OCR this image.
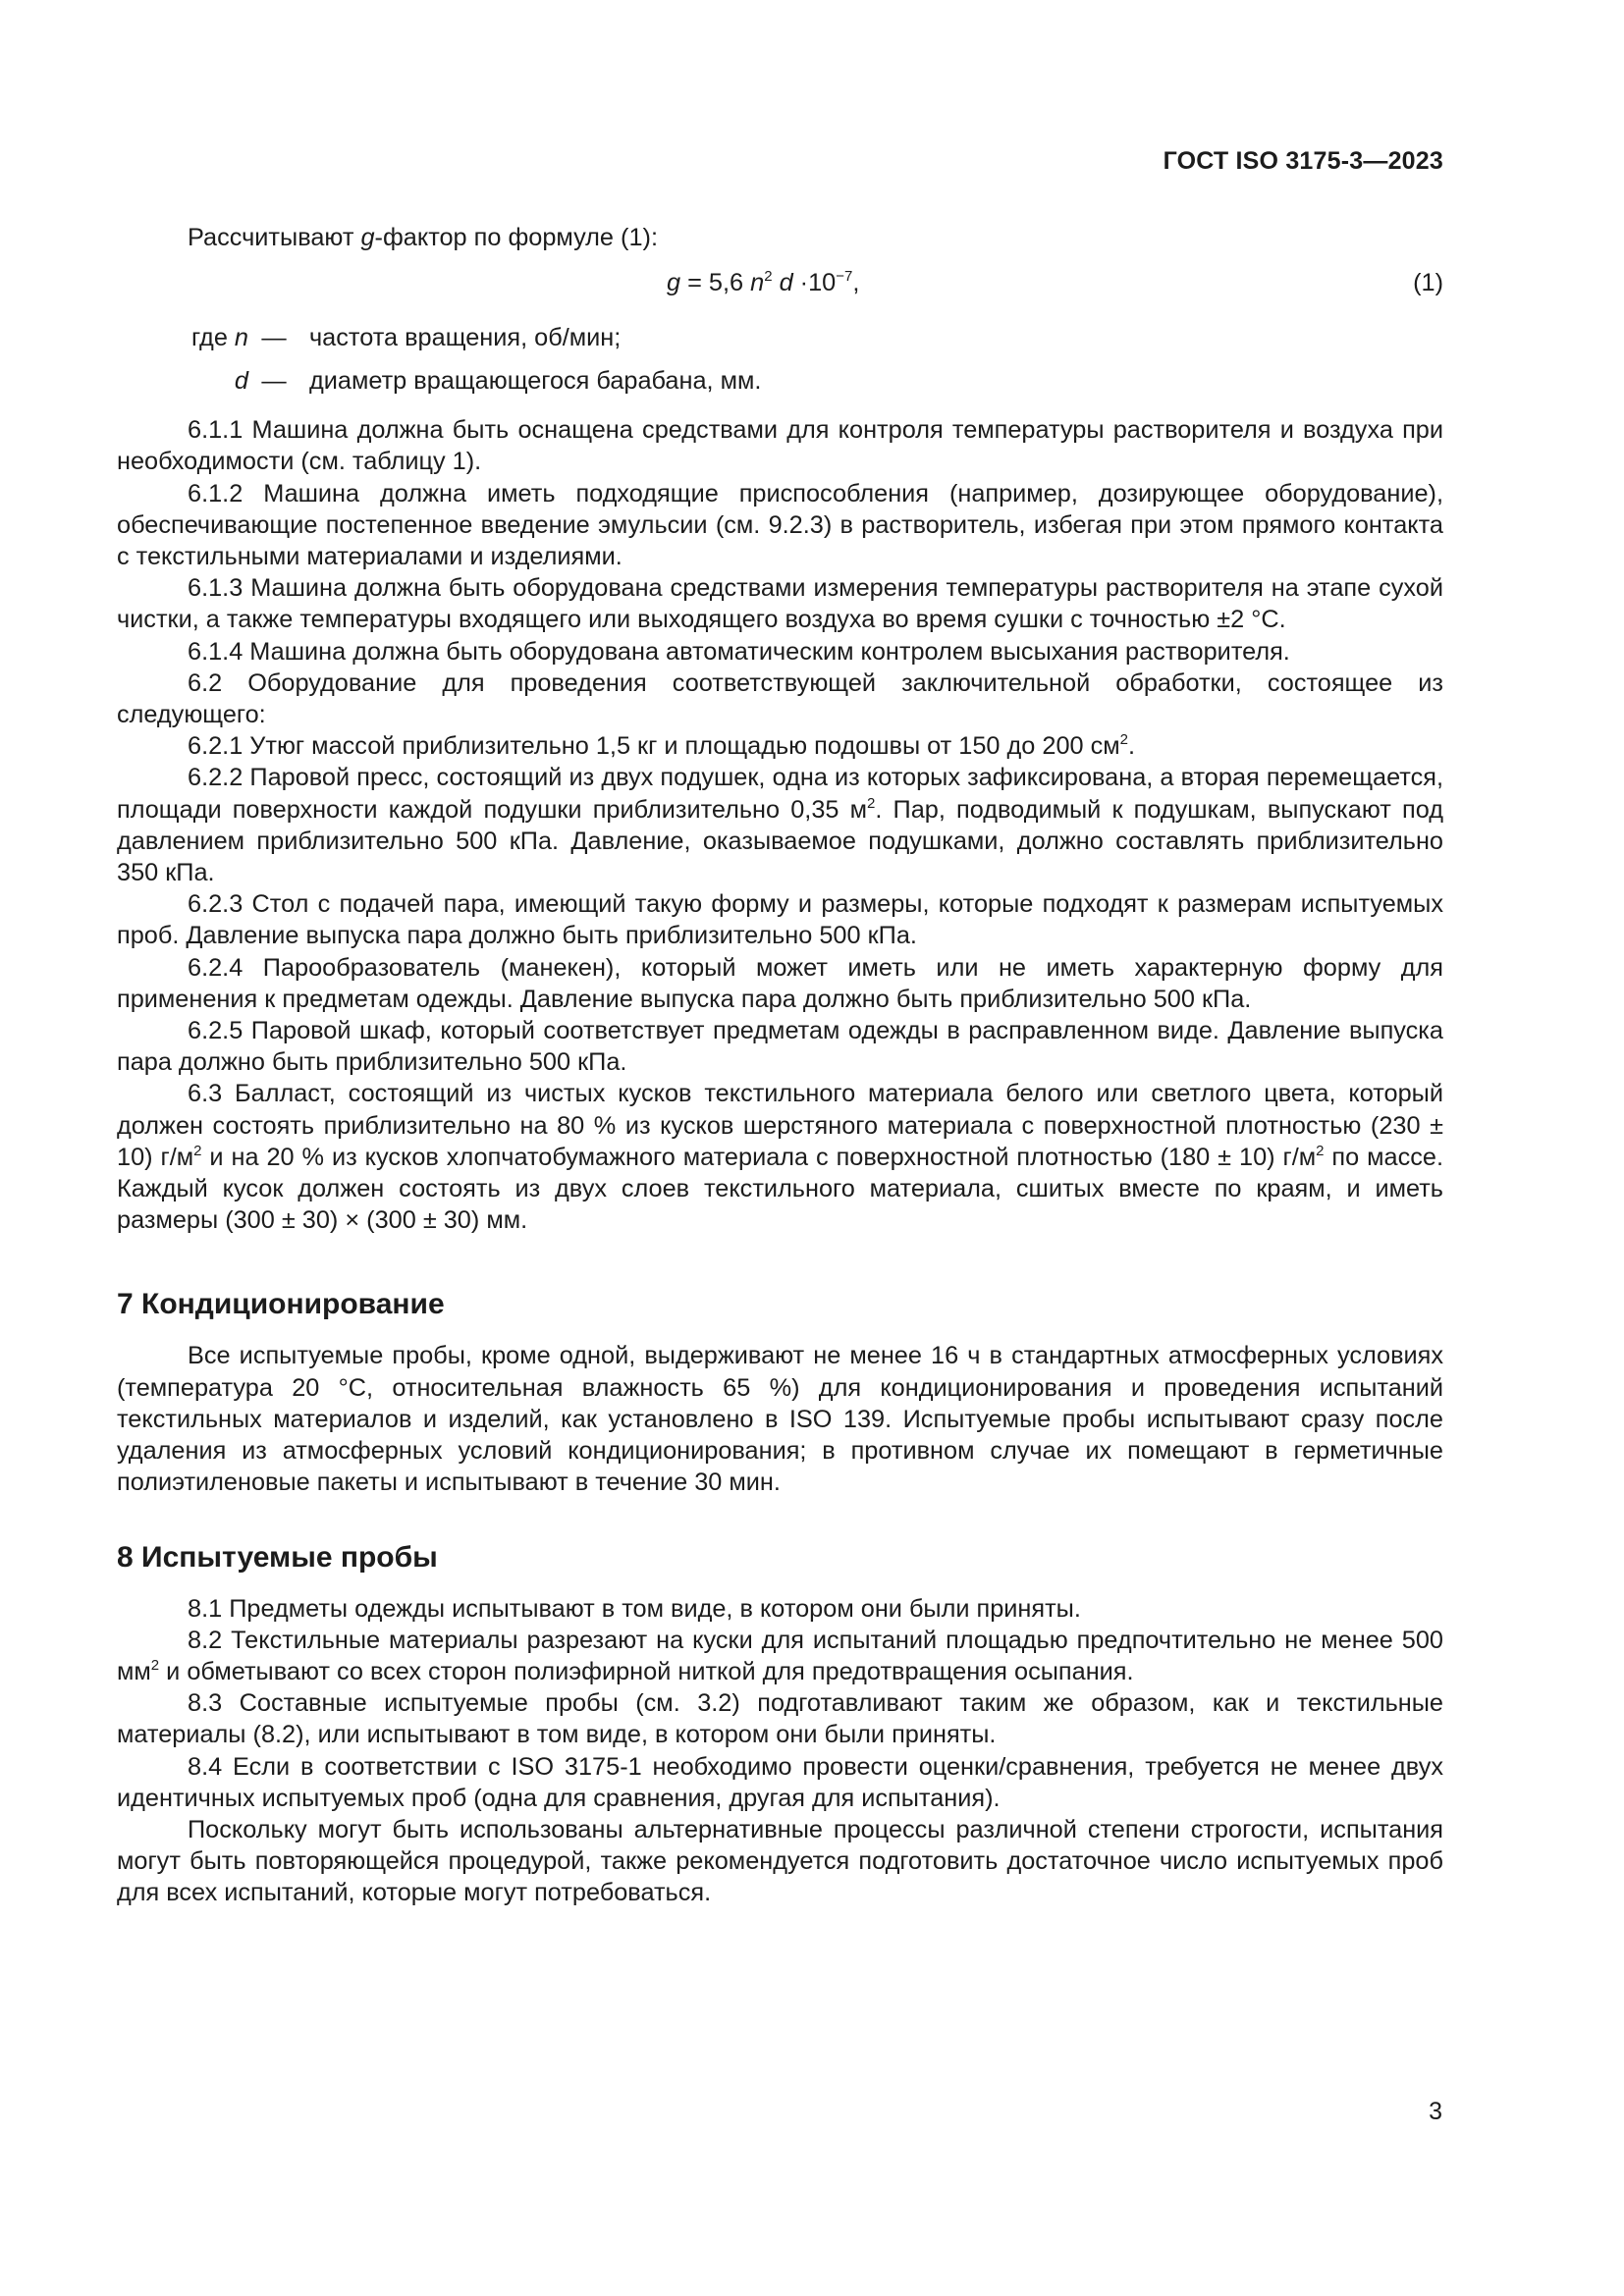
ГОСТ ISO 3175-3—2023

Рассчитывают g-фактор по формуле (1):

g = 5,6 $n^2$ $d \cdot 10^{-7}$,	(1)
где n — частота вращения, об/мин;
d — диаметр вращающегося барабана, мм.

6.1.1 Машина должна быть оснащена средствами для контроля температуры растворителя и воздуха при необходимости (см. таблицу 1).

6.1.2 Машина должна иметь подходящие приспособления (например, дозирующее оборудование), обеспечивающие постепенное введение эмульсии (см. 9.2.3) в растворитель, избегая при этом прямого контакта с текстильными материалами и изделиями.

6.1.3 Машина должна быть оборудована средствами измерения температуры растворителя на этапе сухой чистки, а также температуры входящего или выходящего воздуха во время сушки с точностью ±2 °C.

6.1.4 Машина должна быть оборудована автоматическим контролем высыхания растворителя.

6.2 Оборудование для проведения соответствующей заключительной обработки, состоящее из следующего:

6.2.1 Утюг массой приблизительно 1,5 кг и площадью подошвы от 150 до 200 $см^2$.

6.2.2 Паровой пресс, состоящий из двух подушек, одна из которых зафиксирована, а вторая перемещается, площади поверхности каждой подушки приблизительно 0,35 $м^2$. Пар, подводимый к подушкам, выпускают под давлением приблизительно 500 кПа. Давление, оказываемое подушками, должно составлять приблизительно 350 кПа.

6.2.3 Стол с подачей пара, имеющий такую форму и размеры, которые подходят к размерам испытуемых проб. Давление выпуска пара должно быть приблизительно 500 кПа.

6.2.4 Парообразователь (манекен), который может иметь или не иметь характерную форму для применения к предметам одежды. Давление выпуска пара должно быть приблизительно 500 кПа.

6.2.5 Паровой шкаф, который соответствует предметам одежды в расправленном виде. Давление выпуска пара должно быть приблизительно 500 кПа.

6.3 Балласт, состоящий из чистых кусков текстильного материала белого или светлого цвета, который должен состоять приблизительно на 80 % из кусков шерстяного материала с поверхностной плотностью (230 ± 10) $г/м^2$ и на 20 % из кусков хлопчатобумажного материала с поверхностной плотностью (180 ± 10) $г/м^2$ по массе. Каждый кусок должен состоять из двух слоев текстильного материала, сшитых вместе по краям, и иметь размеры (300 ± 30) × (300 ± 30) мм.

7 Кондиционирование

Все испытуемые пробы, кроме одной, выдерживают не менее 16 ч в стандартных атмосферных условиях (температура 20 °С, относительная влажность 65 %) для кондиционирования и проведения испытаний текстильных материалов и изделий, как установлено в ISO 139. Испытуемые пробы испытывают сразу после удаления из атмосферных условий кондиционирования; в противном случае их помещают в герметичные полиэтиленовые пакеты и испытывают в течение 30 мин.

8 Испытуемые пробы

8.1 Предметы одежды испытывают в том виде, в котором они были приняты.

8.2 Текстильные материалы разрезают на куски для испытаний площадью предпочтительно не менее 500 $мм^2$ и обметывают со всех сторон полиэфирной ниткой для предотвращения осыпания.

8.3 Составные испытуемые пробы (см. 3.2) подготавливают таким же образом, как и текстильные материалы (8.2), или испытывают в том виде, в котором они были приняты.

8.4 Если в соответствии с ISO 3175-1 необходимо провести оценки/сравнения, требуется не менее двух идентичных испытуемых проб (одна для сравнения, другая для испытания).

Поскольку могут быть использованы альтернативные процессы различной степени строгости, испытания могут быть повторяющейся процедурой, также рекомендуется подготовить достаточное число испытуемых проб для всех испытаний, которые могут потребоваться.

3
